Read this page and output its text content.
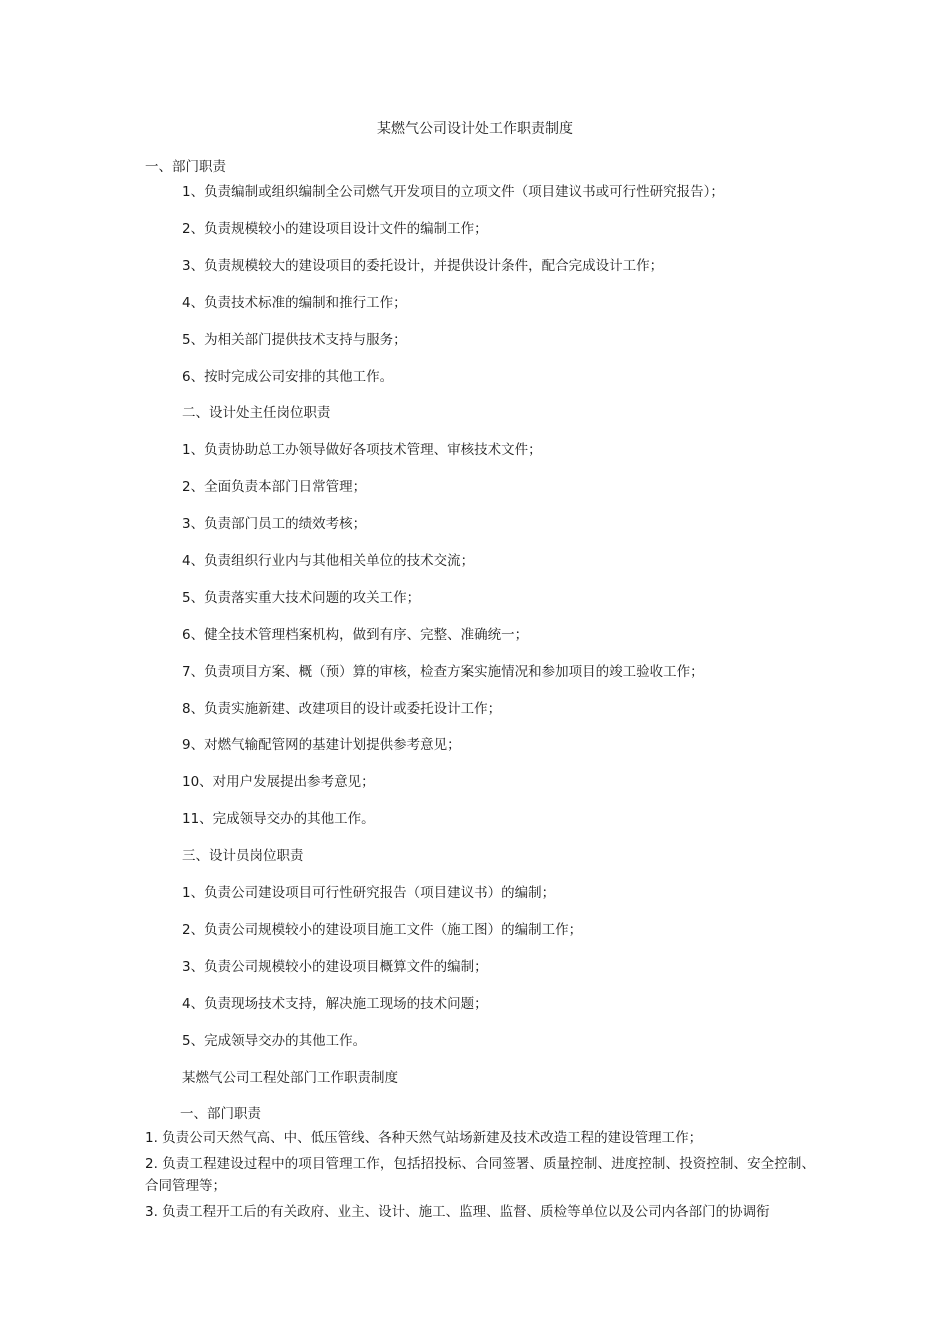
某燃气公司设计处工作职责制度
一、部门职责
1、负责编制或组织编制全公司燃气开发项目的立项文件（项目建议书或可行性研究报告）；
2、负责规模较小的建设项目设计文件的编制工作；
3、负责规模较大的建设项目的委托设计，并提供设计条件，配合完成设计工作；
4、负责技术标准的编制和推行工作；
5、为相关部门提供技术支持与服务；
6、按时完成公司安排的其他工作。
二、设计处主任岗位职责
1、负责协助总工办领导做好各项技术管理、审核技术文件；
2、全面负责本部门日常管理；
3、负责部门员工的绩效考核；
4、负责组织行业内与其他相关单位的技术交流；
5、负责落实重大技术问题的攻关工作；
6、健全技术管理档案机构，做到有序、完整、准确统一；
7、负责项目方案、概（预）算的审核，检查方案实施情况和参加项目的竣工验收工作；
8、负责实施新建、改建项目的设计或委托设计工作；
9、对燃气输配管网的基建计划提供参考意见；
10、对用户发展提出参考意见；
11、完成领导交办的其他工作。
三、设计员岗位职责
1、负责公司建设项目可行性研究报告（项目建议书）的编制；
2、负责公司规模较小的建设项目施工文件（施工图）的编制工作；
3、负责公司规模较小的建设项目概算文件的编制；
4、负责现场技术支持，解决施工现场的技术问题；
5、完成领导交办的其他工作。
某燃气公司工程处部门工作职责制度
一、部门职责
1. 负责公司天然气高、中、低压管线、各种天然气站场新建及技术改造工程的建设管理工作；
2. 负责工程建设过程中的项目管理工作，包括招投标、合同签署、质量控制、进度控制、投资控制、安全控制、合同管理等；
3. 负责工程开工后的有关政府、业主、设计、施工、监理、监督、质检等单位以及公司内各部门的协调衔
